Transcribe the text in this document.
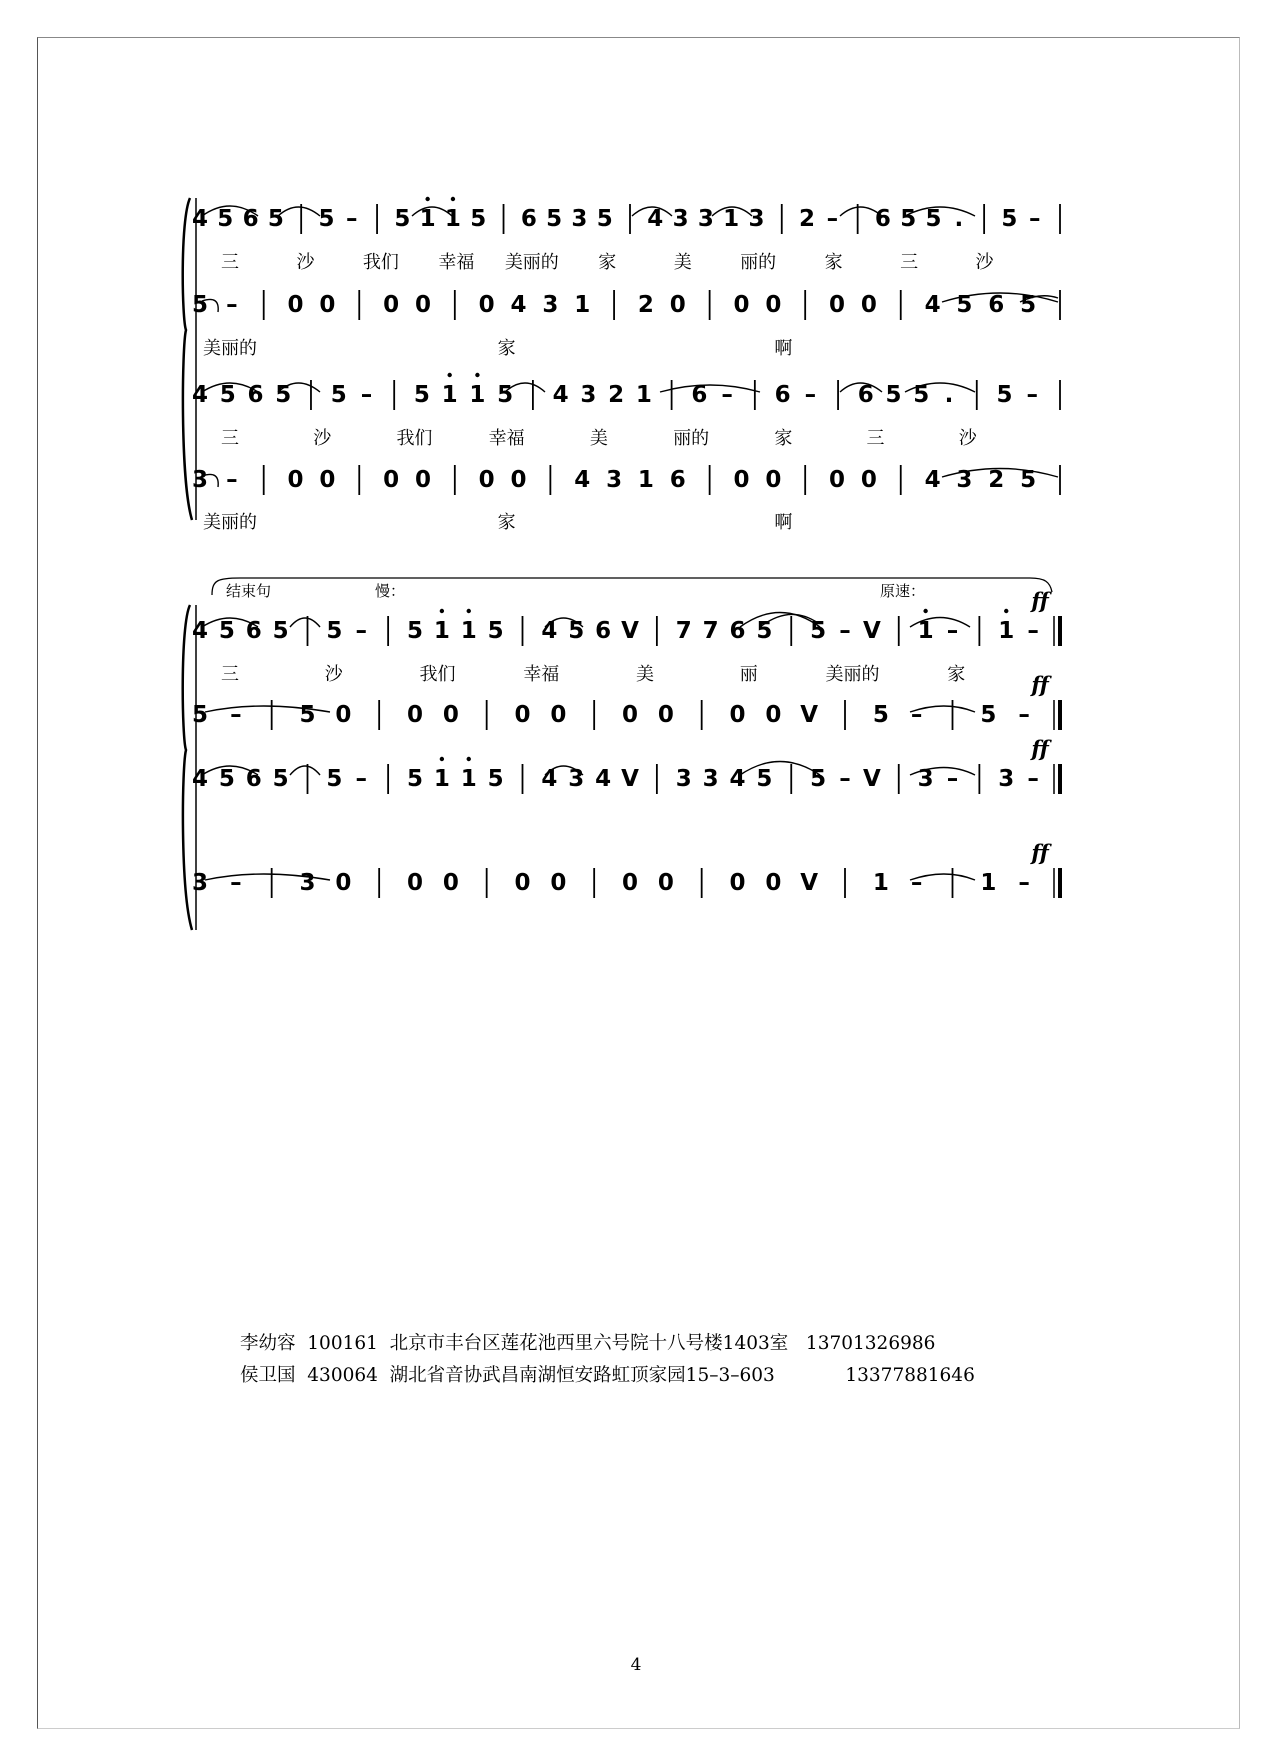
4 5 6 5 5 – 5 1 1 5 6 5 3 5 4 3 3 1 3 2 – 6 5 5 . 5 –
5 – 0 0 0 0 0 4 3 1 2 0 0 0 0 0 4 5 6 5
4 5 6 5 5 – 5 1 1 5 4 3 2 1 6 – 6 – 6 5 5 . 5 –
3 – 0 0 0 0 0 0 4 3 1 6 0 0 0 0 4 3 2 5
4 5 6 5 5 – 5 1 1 5 4 5 6 V 7 7 6 5 5 – V 1 – 1 –
ff
5 –	5 0 0 0 0 0 0 0 0 0 V 5 –	5 –
ff
4 5 6 5 5 – 5 1 1 5 4 3 4 V 3 3 4 5 5 – V 3 – 3 –
ff
3 –	3 0 0 0 0 0 0 0 0 0 V 1 –	1 –
ff
三	沙	我们 幸福 美丽的 家	美	丽的	家	三	沙
美丽的	家	啊
三	沙	我们	幸福	美	丽的	家	三	沙
美丽的	家	啊
三	沙	我们	幸福	美	丽	美丽的	家
结束句	慢：	原速：
李幼容 100161 北京市丰台区莲花池西里六号院十八号楼1403室 13701326986
侯卫国 430064 湖北省音协武昌南湖恒安路虹顶家园15–3–603	13377881646
4
